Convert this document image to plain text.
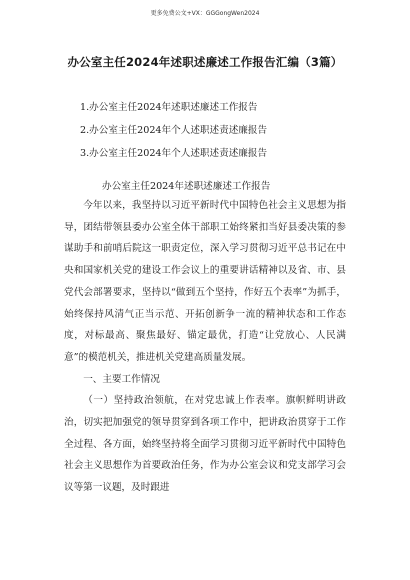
更多免费公文+VX：GGGongWen2024
办公室主任2024年述职述廉述工作报告汇编（3篇）
1.办公室主任2024年述职述廉述工作报告
2.办公室主任2024年个人述职述责述廉报告
3.办公室主任2024年个人述职述责述廉报告
办公室主任2024年述职述廉述工作报告

今年以来，我坚持以习近平新时代中国特色社会主义思想为指导，团结带领县委办公室全体干部职工始终紧扣当好县委决策的参谋助手和前哨后院这一职责定位，深入学习贯彻习近平总书记在中央和国家机关党的建设工作会议上的重要讲话精神以及省、市、县党代会部署要求，坚持以“做到五个坚持，作好五个表率”为抓手，始终保持风清气正当示范、开拓创新争一流的精神状态和工作态度，对标最高、聚焦最好、锚定最优，打造“让党放心、人民满意”的模范机关，推进机关党建高质量发展。

一、主要工作情况

（一）坚持政治领航，在对党忠诚上作表率。旗帜鲜明讲政治，切实把加强党的领导贯穿到各项工作中，把讲政治贯穿于工作全过程、各方面，始终坚持将全面学习贯彻习近平新时代中国特色社会主义思想作为首要政治任务，作为办公室会议和党支部学习会议等第一议题，及时跟进
